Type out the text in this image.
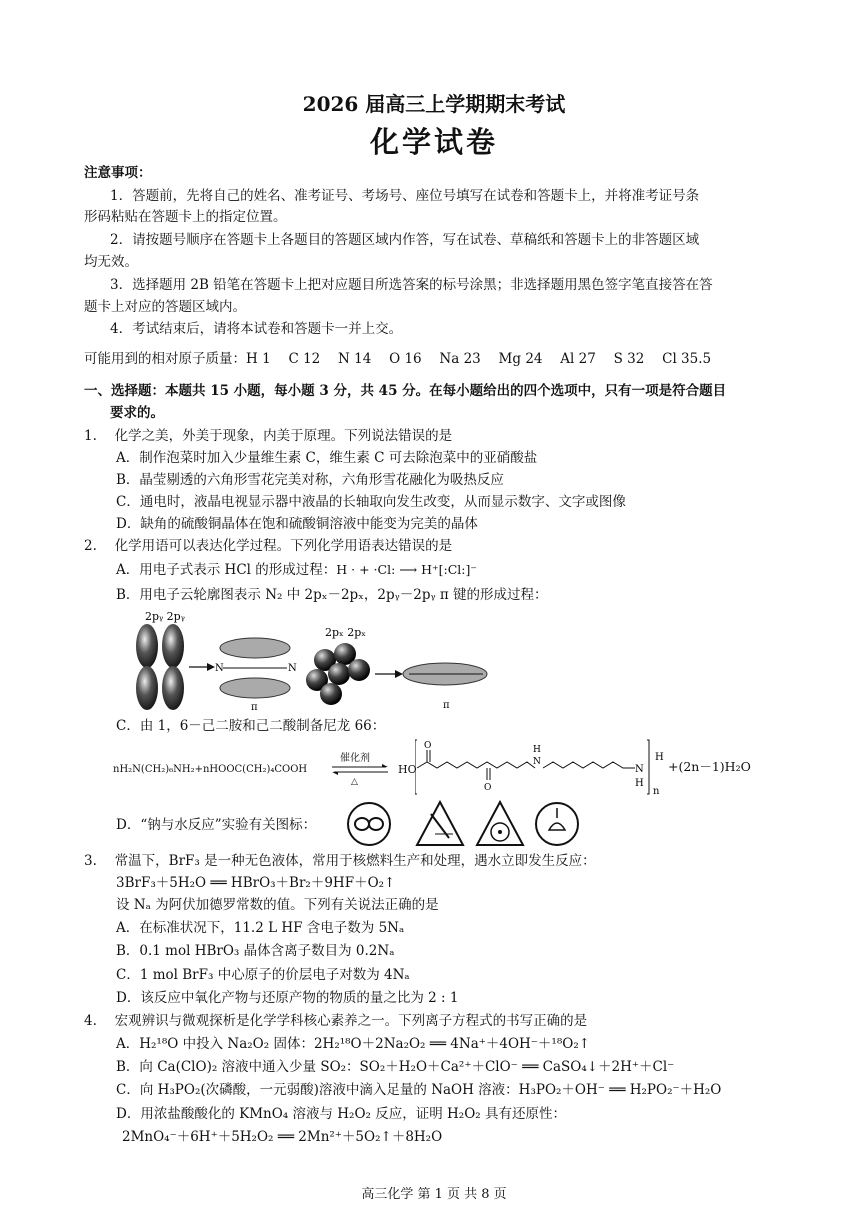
2026 届高三上学期期末考试
化学试卷
注意事项：
1．答题前，先将自己的姓名、准考证号、考场号、座位号填写在试卷和答题卡上，并将准考证号条
形码粘贴在答题卡上的指定位置。
2．请按题号顺序在答题卡上各题目的答题区域内作答，写在试卷、草稿纸和答题卡上的非答题区域
均无效。
3．选择题用 2B 铅笔在答题卡上把对应题目所选答案的标号涂黑；非选择题用黑色签字笔直接答在答
题卡上对应的答题区域内。
4．考试结束后，请将本试卷和答题卡一并上交。
可能用到的相对原子质量：H 1　 C 12　 N 14　 O 16　 Na 23　 Mg 24　 Al 27　 S 32　 Cl 35.5
一、选择题：本题共 15 小题，每小题 3 分，共 45 分。在每小题给出的四个选项中，只有一项是符合题目
要求的。
1.　 化学之美，外美于现象，内美于原理。下列说法错误的是
A．制作泡菜时加入少量维生素 C，维生素 C 可去除泡菜中的亚硝酸盐
B．晶莹剔透的六角形雪花完美对称，六角形雪花融化为吸热反应
C．通电时，液晶电视显示器中液晶的长轴取向发生改变，从而显示数字、文字或图像
D．缺角的硫酸铜晶体在饱和硫酸铜溶液中能变为完美的晶体
2.　 化学用语可以表达化学过程。下列化学用语表达错误的是
A．用电子式表示 HCl 的形成过程：H · + ·Cl: ⟶ H⁺[:Cl:]⁻
B．用电子云轮廓图表示 N₂ 中 2pₓ－2pₓ，2pᵧ－2pᵧ π 键的形成过程：
2pᵧ 2pᵧ
N	N
π
2pₓ 2pₓ
π
C．由 1，6－己二胺和己二酸制备尼龙 66：
nH₂N(CH₂)₆NH₂+nHOOC(CH₂)₄COOH
催化剂
△
HO
O
O
H
N
N
H
n
H
+(2n－1)H₂O
D．“钠与水反应”实验有关图标：
3.　 常温下，BrF₃ 是一种无色液体，常用于核燃料生产和处理，遇水立即发生反应：
3BrF₃＋5H₂O ══ HBrO₃＋Br₂＋9HF＋O₂↑
设 Nₐ 为阿伏加德罗常数的值。下列有关说法正确的是
A．在标准状况下，11.2 L HF 含电子数为 5Nₐ
B．0.1 mol HBrO₃ 晶体含离子数目为 0.2Nₐ
C．1 mol BrF₃ 中心原子的价层电子对数为 4Nₐ
D．该反应中氧化产物与还原产物的物质的量之比为 2 : 1
4.　 宏观辨识与微观探析是化学学科核心素养之一。下列离子方程式的书写正确的是
A．H₂¹⁸O 中投入 Na₂O₂ 固体：2H₂¹⁸O＋2Na₂O₂ ══ 4Na⁺＋4OH⁻＋¹⁸O₂↑
B．向 Ca(ClO)₂ 溶液中通入少量 SO₂：SO₂＋H₂O＋Ca²⁺＋ClO⁻ ══ CaSO₄↓＋2H⁺＋Cl⁻
C．向 H₃PO₂(次磷酸，一元弱酸)溶液中滴入足量的 NaOH 溶液：H₃PO₂＋OH⁻ ══ H₂PO₂⁻＋H₂O
D．用浓盐酸酸化的 KMnO₄ 溶液与 H₂O₂ 反应，证明 H₂O₂ 具有还原性：
2MnO₄⁻＋6H⁺＋5H₂O₂ ══ 2Mn²⁺＋5O₂↑＋8H₂O
高三化学 第 1 页 共 8 页
